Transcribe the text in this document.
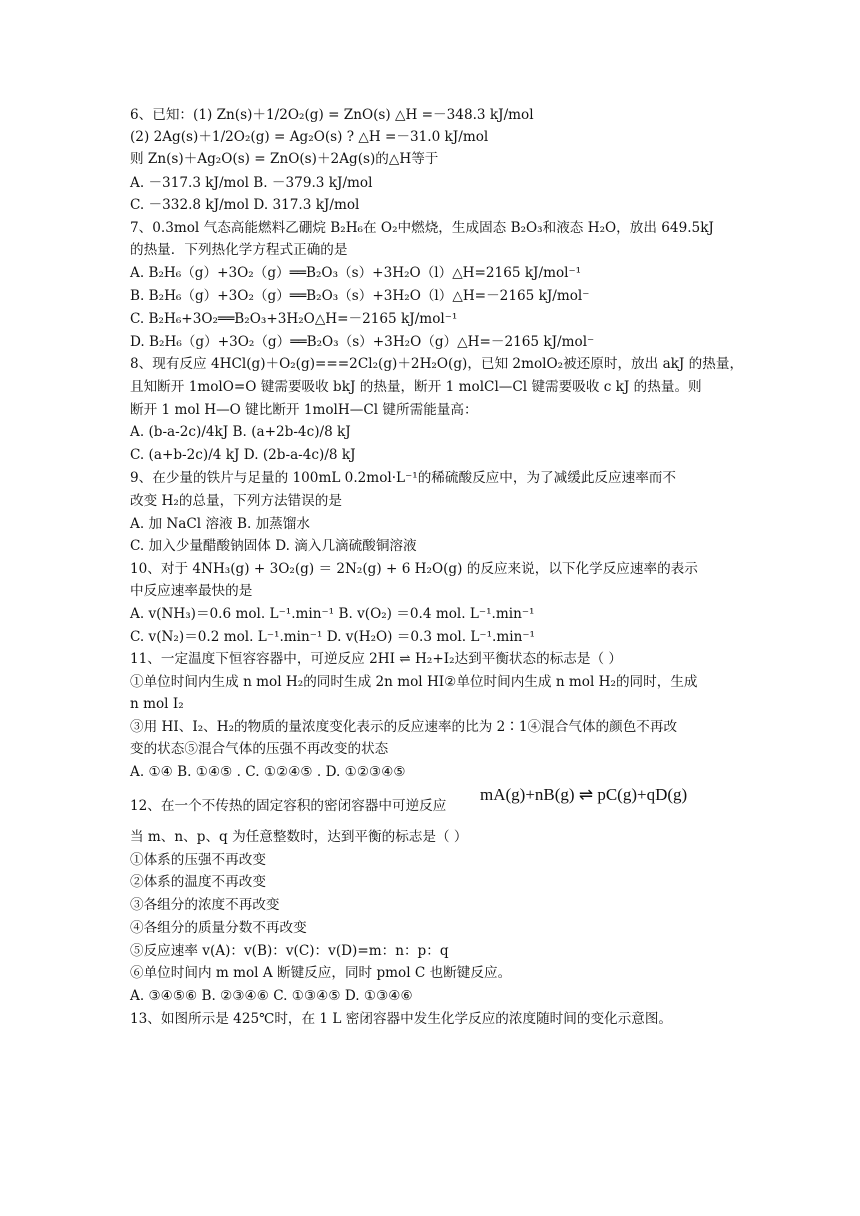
6、已知：(1) Zn(s)＋1/2O₂(g) = ZnO(s) △H =－348.3 kJ/mol
(2) 2Ag(s)＋1/2O₂(g) = Ag₂O(s) ? △H =－31.0 kJ/mol
则 Zn(s)＋Ag₂O(s) = ZnO(s)＋2Ag(s)的△H等于
A. －317.3 kJ/mol B. －379.3 kJ/mol
C. －332.8 kJ/mol D. 317.3 kJ/mol
7、0.3mol 气态高能燃料乙硼烷 B₂H₆在 O₂中燃烧，生成固态 B₂O₃和液态 H₂O，放出 649.5kJ
的热量．下列热化学方程式正确的是
A. B₂H₆（g）+3O₂（g）══B₂O₃（s）+3H₂O（l）△H=2165 kJ/mol⁻¹
B. B₂H₆（g）+3O₂（g）══B₂O₃（s）+3H₂O（l）△H=－2165 kJ/mol⁻
C. B₂H₆+3O₂══B₂O₃+3H₂O△H=－2165 kJ/mol⁻¹
D. B₂H₆（g）+3O₂（g）══B₂O₃（s）+3H₂O（g）△H=－2165 kJ/mol⁻
8、现有反应 4HCl(g)＋O₂(g)===2Cl₂(g)＋2H₂O(g)，已知 2molO₂被还原时，放出 akJ 的热量，
且知断开 1molO=O 键需要吸收 bkJ 的热量，断开 1 molCl—Cl 键需要吸收 c kJ 的热量。则
断开 1 mol H—O 键比断开 1molH—Cl 键所需能量高：
A. (b-a-2c)/4kJ B. (a+2b-4c)/8 kJ
C. (a+b-2c)/4 kJ D. (2b-a-4c)/8 kJ
9、在少量的铁片与足量的 100mL 0.2mol·L⁻¹的稀硫酸反应中，为了减缓此反应速率而不
改变 H₂的总量，下列方法错误的是
A. 加 NaCl 溶液 B. 加蒸馏水
C. 加入少量醋酸钠固体 D. 滴入几滴硫酸铜溶液
10、对于 4NH₃(g) + 3O₂(g) ＝ 2N₂(g) + 6 H₂O(g) 的反应来说，以下化学反应速率的表示
中反应速率最快的是
A. v(NH₃)＝0.6 mol. L⁻¹.min⁻¹ B. v(O₂) ＝0.4 mol. L⁻¹.min⁻¹
C. v(N₂)＝0.2 mol. L⁻¹.min⁻¹ D. v(H₂O) ＝0.3 mol. L⁻¹.min⁻¹
11、一定温度下恒容容器中，可逆反应 2HI ⇌ H₂+I₂达到平衡状态的标志是（ ）
①单位时间内生成 n mol H₂的同时生成 2n mol HI②单位时间内生成 n mol H₂的同时，生成
n mol I₂
③用 HI、I₂、H₂的物质的量浓度变化表示的反应速率的比为 2∶1④混合气体的颜色不再改
变的状态⑤混合气体的压强不再改变的状态
A. ①④ B. ①④⑤ . C. ①②④⑤ . D. ①②③④⑤
12、在一个不传热的固定容积的密闭容器中可逆反应
mA(g)+nB(g) ⇌ pC(g)+qD(g)
当 m、n、p、q 为任意整数时，达到平衡的标志是（ ）
①体系的压强不再改变
②体系的温度不再改变
③各组分的浓度不再改变
④各组分的质量分数不再改变
⑤反应速率 v(A)：v(B)：v(C)：v(D)=m：n：p：q
⑥单位时间内 m mol A 断键反应，同时 pmol C 也断键反应。
A. ③④⑤⑥ B. ②③④⑥ C. ①③④⑤ D. ①③④⑥
13、如图所示是 425℃时，在 1 L 密闭容器中发生化学反应的浓度随时间的变化示意图。
